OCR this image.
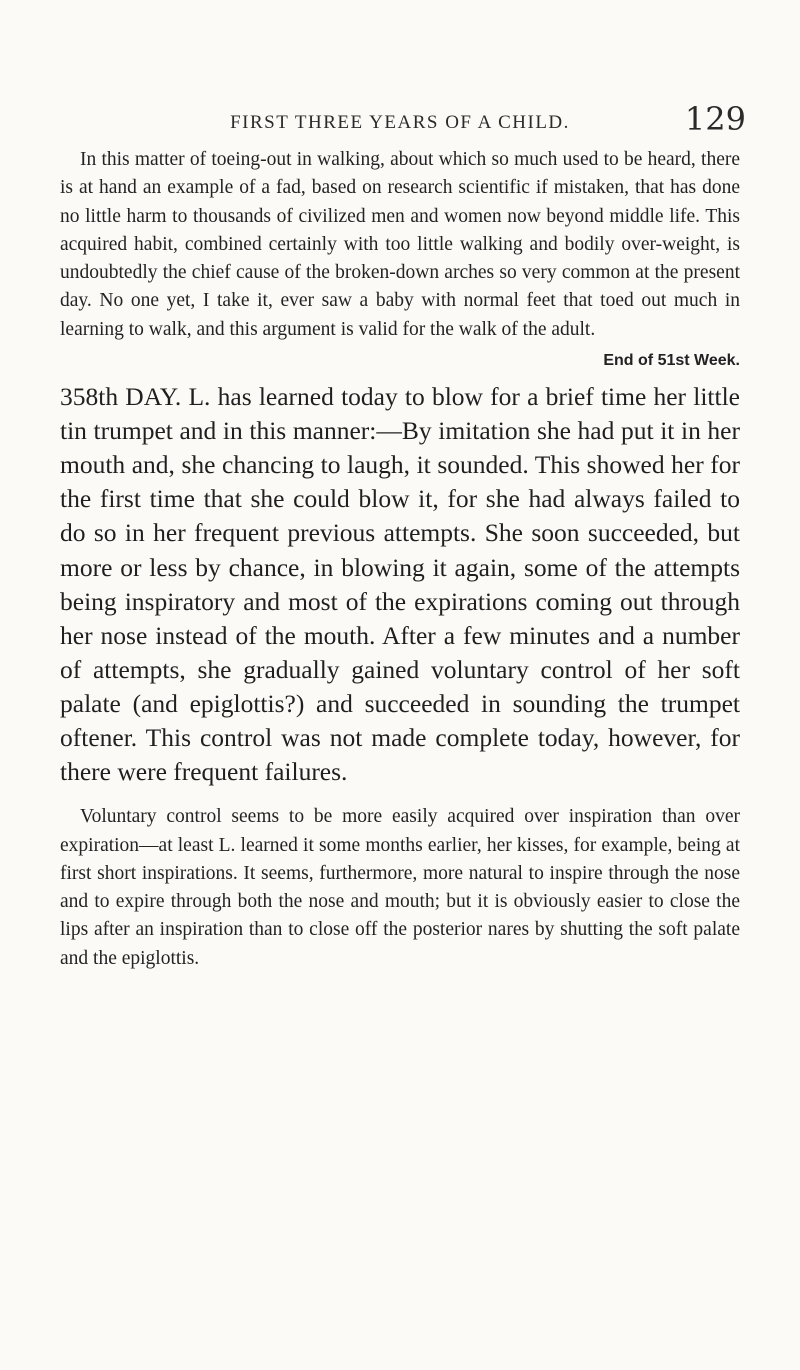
FIRST THREE YEARS OF A CHILD.	129

In this matter of toeing-out in walking, about which so much used to be heard, there is at hand an example of a fad, based on research scientific if mistaken, that has done no little harm to thousands of civilized men and women now beyond middle life. This acquired habit, combined certainly with too little walking and bodily over-weight, is undoubtedly the chief cause of the broken-down arches so very common at the present day. No one yet, I take it, ever saw a baby with normal feet that toed out much in learning to walk, and this argument is valid for the walk of the adult.

End of 51st Week.

358th DAY. L. has learned today to blow for a brief time her little tin trumpet and in this manner:—By imitation she had put it in her mouth and, she chancing to laugh, it sounded. This showed her for the first time that she could blow it, for she had always failed to do so in her frequent previous attempts. She soon succeeded, but more or less by chance, in blowing it again, some of the attempts being inspiratory and most of the expirations coming out through her nose instead of the mouth. After a few minutes and a number of attempts, she gradually gained voluntary control of her soft palate (and epiglottis?) and succeeded in sounding the trumpet oftener. This control was not made complete today, however, for there were frequent failures.

Voluntary control seems to be more easily acquired over inspiration than over expiration—at least L. learned it some months earlier, her kisses, for example, being at first short inspirations. It seems, furthermore, more natural to inspire through the nose and to expire through both the nose and mouth; but it is obviously easier to close the lips after an inspiration than to close off the posterior nares by shutting the soft palate and the epiglottis.
